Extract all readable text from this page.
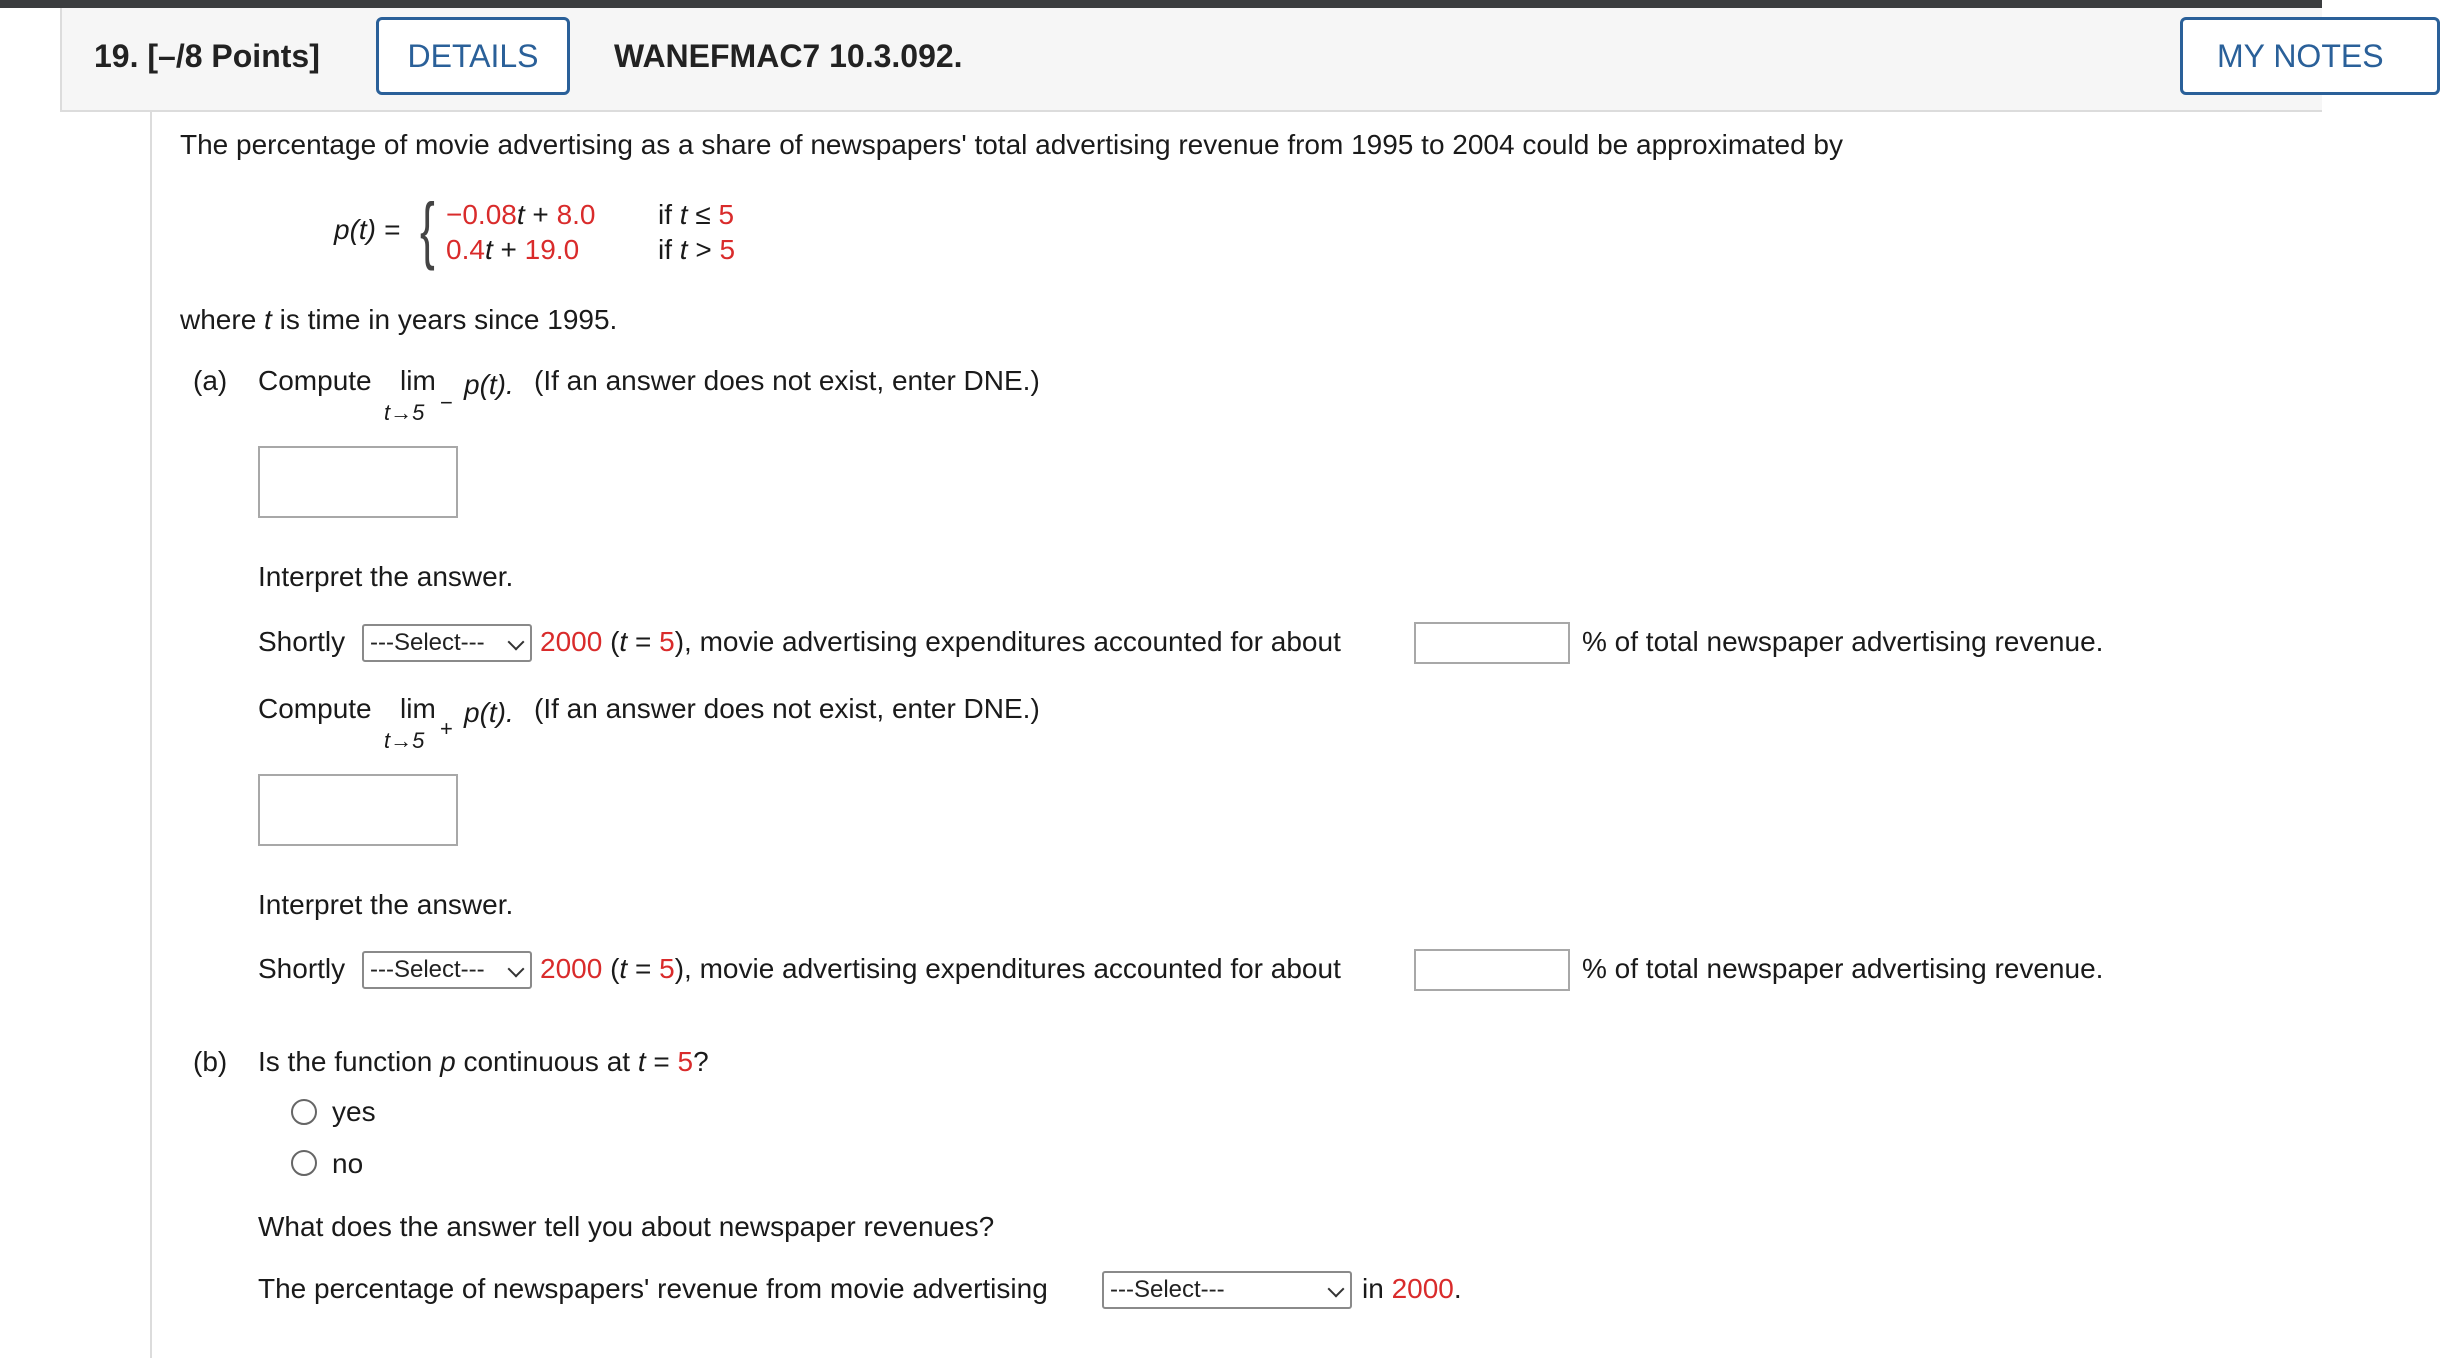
19. [–/8 Points]	DETAILS	WANEFMAC7 10.3.092.	MY NOTES
The percentage of movie advertising as a share of newspapers' total advertising revenue from 1995 to 2004 could be approximated by
p(t) = { −0.08t + 8.0 if t ≤ 5
0.4t + 19.0	if t > 5
where t is time in years since 1995.
(a) Compute lim
t→5 −
p(t). (If an answer does not exist, enter DNE.)
Interpret the answer.
Shortly	---Select---	2000 (t = 5), movie advertising expenditures accounted for about	% of total newspaper advertising revenue.
Compute lim
t→5 +
p(t). (If an answer does not exist, enter DNE.)
Interpret the answer.
Shortly	---Select---	2000 (t = 5), movie advertising expenditures accounted for about	% of total newspaper advertising revenue.
(b) Is the function p continuous at t = 5?
yes
no
What does the answer tell you about newspaper revenues?
The percentage of newspapers' revenue from movie advertising	---Select---	in 2000.
